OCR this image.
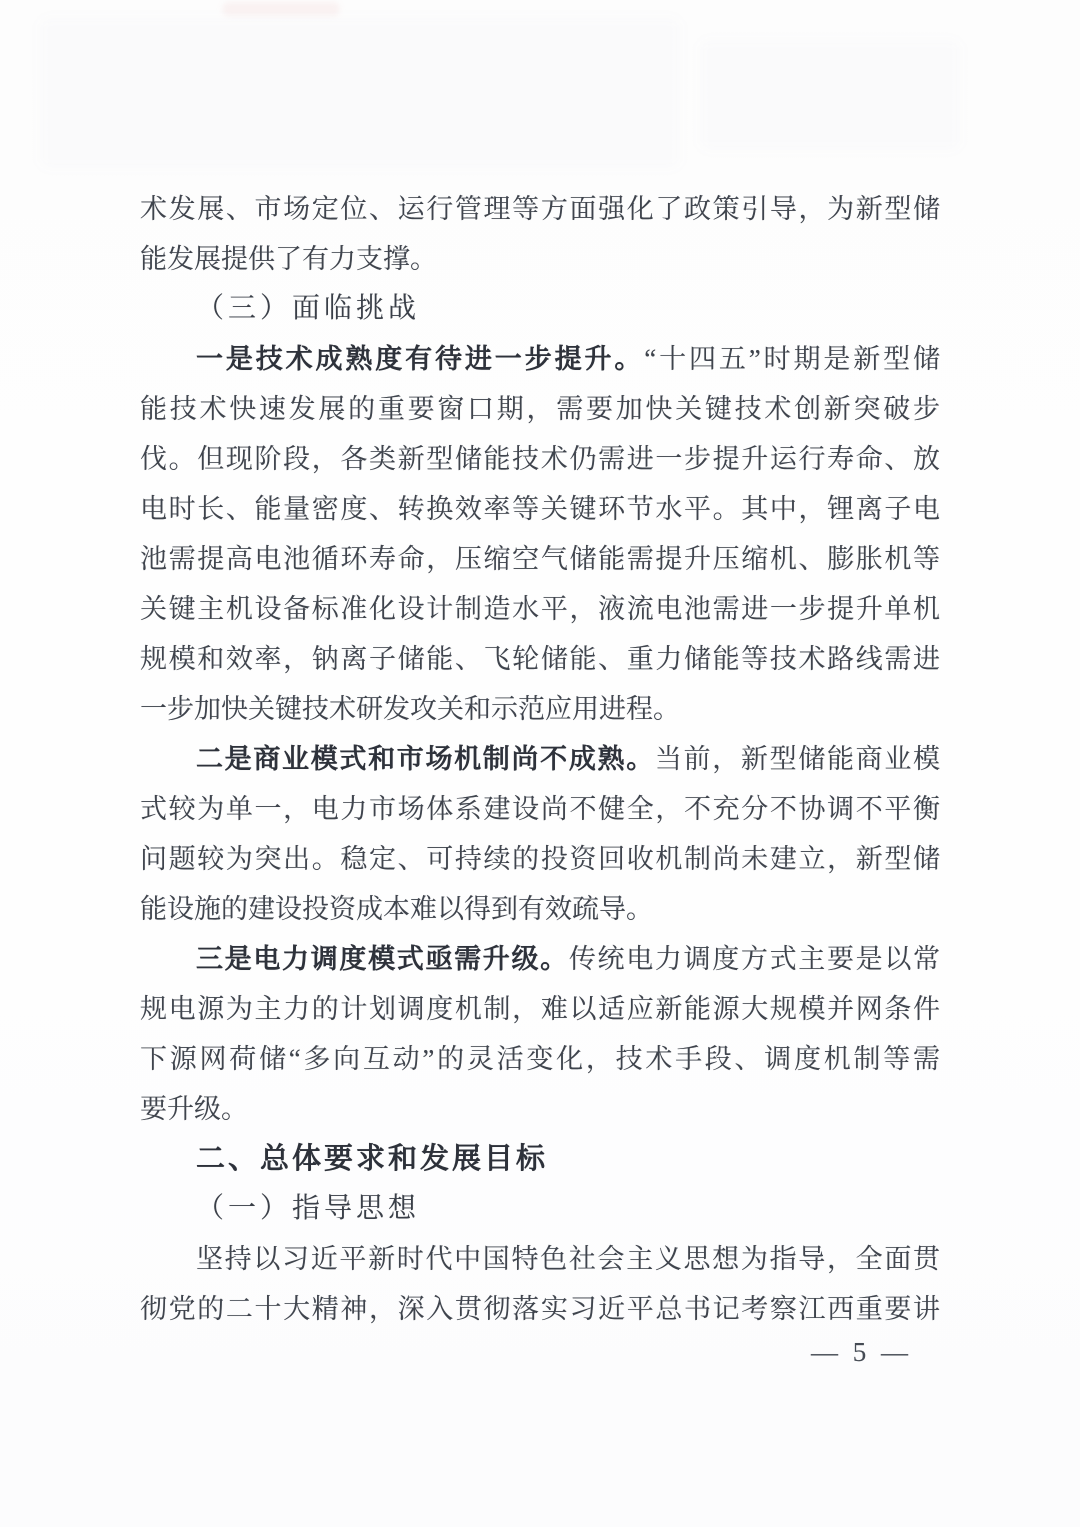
术发展、市场定位、运行管理等方面强化了政策引导，为新型储
能发展提供了有力支撑。
（三）面临挑战
一是技术成熟度有待进一步提升。“十四五”时期是新型储
能技术快速发展的重要窗口期，需要加快关键技术创新突破步
伐。但现阶段，各类新型储能技术仍需进一步提升运行寿命、放
电时长、能量密度、转换效率等关键环节水平。其中，锂离子电
池需提高电池循环寿命，压缩空气储能需提升压缩机、膨胀机等
关键主机设备标准化设计制造水平，液流电池需进一步提升单机
规模和效率，钠离子储能、飞轮储能、重力储能等技术路线需进
一步加快关键技术研发攻关和示范应用进程。
二是商业模式和市场机制尚不成熟。当前，新型储能商业模
式较为单一，电力市场体系建设尚不健全，不充分不协调不平衡
问题较为突出。稳定、可持续的投资回收机制尚未建立，新型储
能设施的建设投资成本难以得到有效疏导。
三是电力调度模式亟需升级。传统电力调度方式主要是以常
规电源为主力的计划调度机制，难以适应新能源大规模并网条件
下源网荷储“多向互动”的灵活变化，技术手段、调度机制等需
要升级。
二、总体要求和发展目标
（一）指导思想
坚持以习近平新时代中国特色社会主义思想为指导，全面贯
彻党的二十大精神，深入贯彻落实习近平总书记考察江西重要讲
— 5 —
